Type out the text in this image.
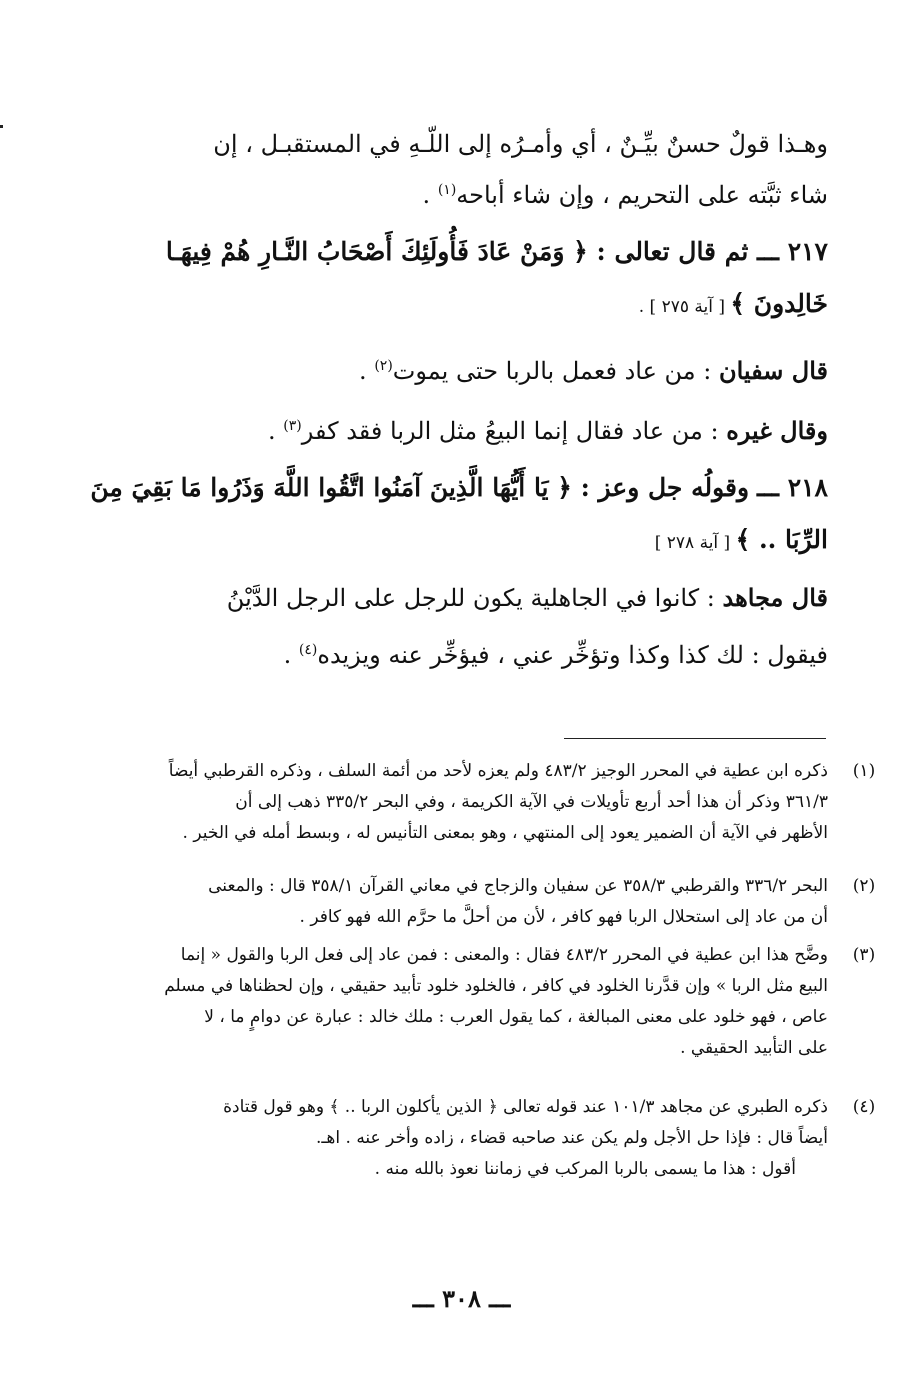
وهـذا قولٌ حسنٌ بيِّـنٌ ، أي وأمـرُه إلى اللّـهِ في المستقبـل ، إن
شاء ثبَّته على التحريم ، وإن شاء أباحه$^{(١)}$ .
٢١٧ ـــ ثم قال تعالى : ﴿ وَمَنْ عَادَ فَأُولَئِكَ أَصْحَابُ النَّـارِ هُمْ فِيهَـا
خَالِدونَ ﴾ [ آية ٢٧٥ ] .
قال سفيان : من عاد فعمل بالربا حتى يموت$^{(٢)}$ .
وقال غيره : من عاد فقال إنما البيعُ مثل الربا فقد كفر$^{(٣)}$ .
٢١٨ ـــ وقولُه جل وعز : ﴿ يَا أَيُّهَا الَّذِينَ آمَنُوا اتَّقُوا اللَّهَ وَذَرُوا مَا بَقِيَ مِنَ
الرِّبَا .. ﴾ [ آية ٢٧٨ ]
قال مجاهد : كانوا في الجاهلية يكون للرجل على الرجل الدَّيْنُ
فيقول : لك كذا وكذا وتؤخِّر عني ، فيؤخِّر عنه ويزيده$^{(٤)}$ .
(١)
ذكره ابن عطية في المحرر الوجيز ٤٨٣/٢ ولم يعزه لأحد من أئمة السلف ، وذكره القرطبي أيضاً
٣٦١/٣ وذكر أن هذا أحد أربع تأويلات في الآية الكريمة ، وفي البحر ٣٣٥/٢ ذهب إلى أن
الأظهر في الآية أن الضمير يعود إلى المنتهي ، وهو بمعنى التأنيس له ، وبسط أمله في الخير .
(٢)
البحر ٣٣٦/٢ والقرطبي ٣٥٨/٣ عن سفيان والزجاج في معاني القرآن ٣٥٨/١ قال : والمعنى
أن من عاد إلى استحلال الربا فهو كافر ، لأن من أحلَّ ما حرَّم الله فهو كافر .
(٣)
وضَّح هذا ابن عطية في المحرر ٤٨٣/٢ فقال : والمعنى : فمن عاد إلى فعل الربا والقول « إنما
البيع مثل الربا » وإن قدَّرنا الخلود في كافر ، فالخلود خلود تأبيد حقيقي ، وإن لحظناها في مسلم
عاص ، فهو خلود على معنى المبالغة ، كما يقول العرب : ملك خالد : عبارة عن دوامٍ ما ، لا
على التأبيد الحقيقي .
(٤)
ذكره الطبري عن مجاهد ١٠١/٣ عند قوله تعالى ﴿ الذين يأكلون الربا .. ﴾ وهو قول قتادة
أيضاً قال : فإذا حل الأجل ولم يكن عند صاحبه قضاء ، زاده وأخر عنه . اهـ.
أقول : هذا ما يسمى بالربا المركب في زماننا نعوذ بالله منه .
ـــ ٣٠٨ ـــ
